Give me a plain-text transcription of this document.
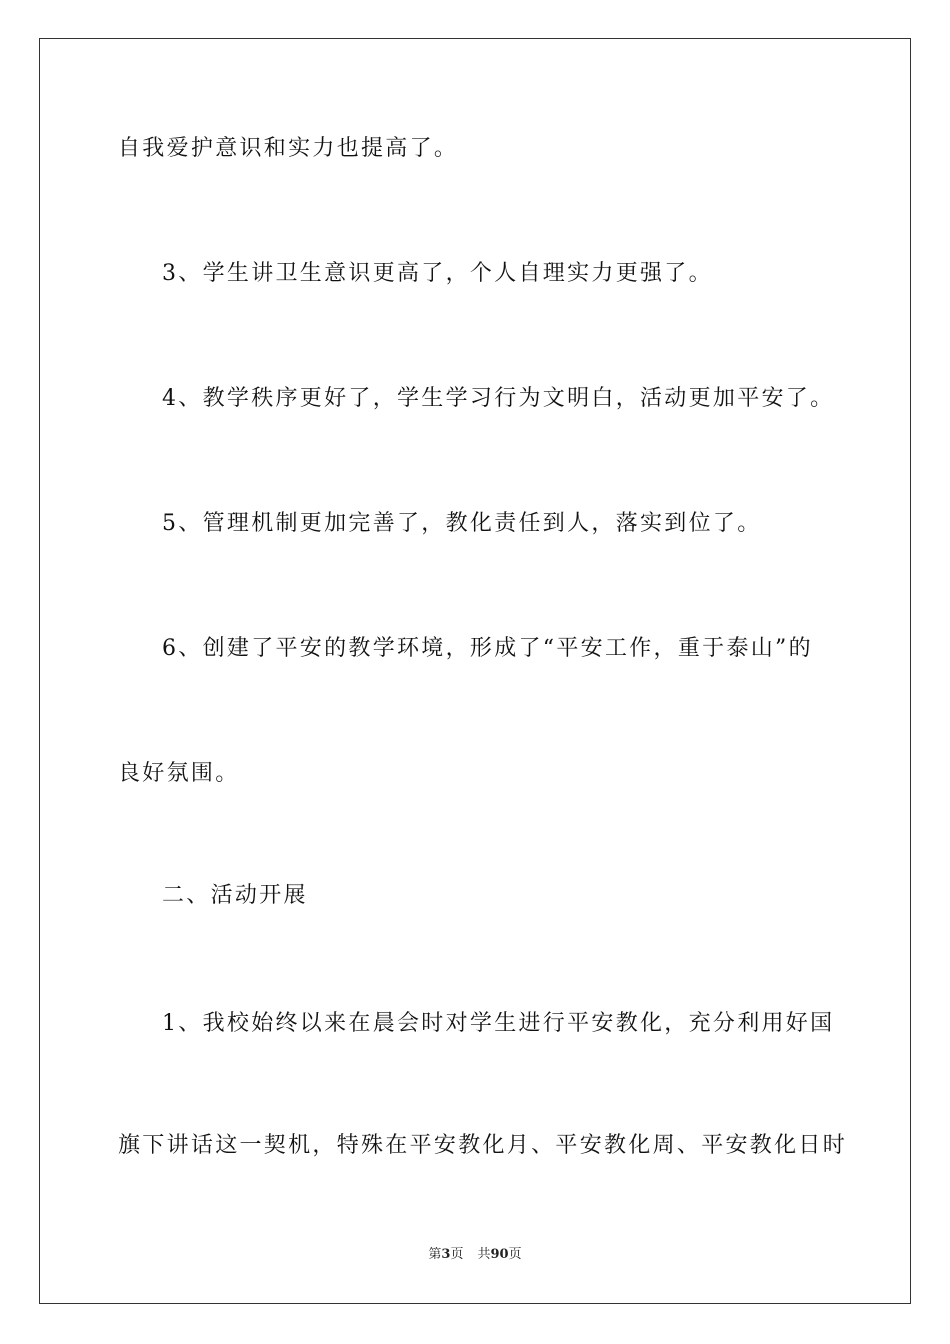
自我爱护意识和实力也提高了。
3、学生讲卫生意识更高了，个人自理实力更强了。
4、教学秩序更好了，学生学习行为文明白，活动更加平安了。
5、管理机制更加完善了，教化责任到人，落实到位了。
6、创建了平安的教学环境，形成了“平安工作，重于泰山”的
良好氛围。
二、活动开展
1、我校始终以来在晨会时对学生进行平安教化，充分利用好国
旗下讲话这一契机，特殊在平安教化月、平安教化周、平安教化日时
第3页 共90页
